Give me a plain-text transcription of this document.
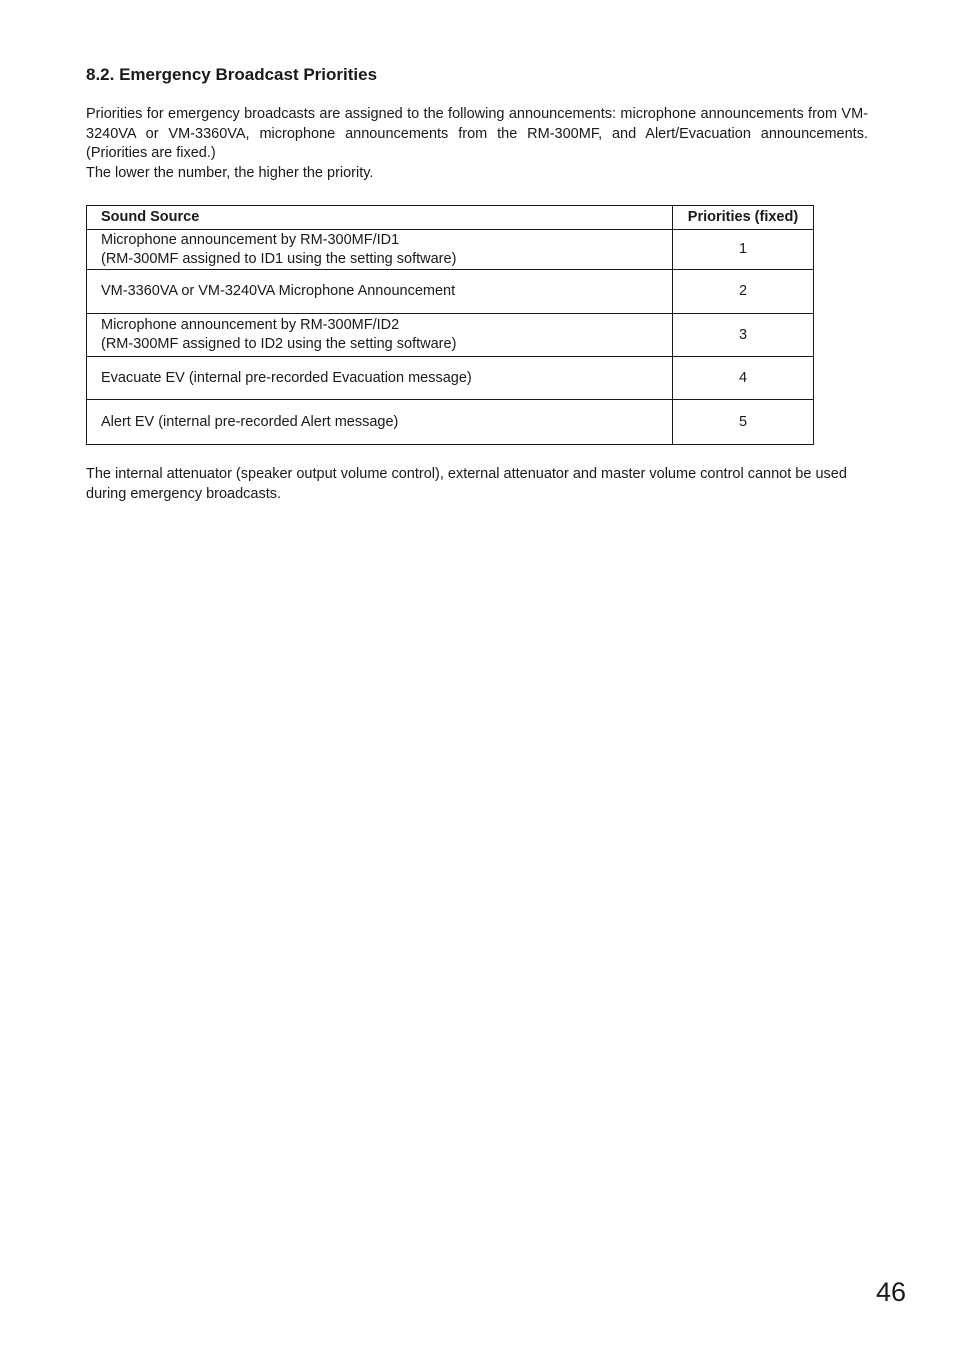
8.2. Emergency Broadcast Priorities

Priorities for emergency broadcasts are assigned to the following announcements: microphone announcements from VM-3240VA or VM-3360VA, microphone announcements from the RM-300MF, and Alert/Evacuation announcements. (Priorities are fixed.)

The lower the number, the higher the priority.

Sound Source	Priorities (fixed)

Microphone announcement by RM-300MF/ID1
(RM-300MF assigned to ID1 using the setting software)	1

VM-3360VA or VM-3240VA Microphone Announcement	2

Microphone announcement by RM-300MF/ID2
(RM-300MF assigned to ID2 using the setting software)	3

Evacuate EV (internal pre-recorded Evacuation message)	4

Alert EV (internal pre-recorded Alert message)	5

The internal attenuator (speaker output volume control), external attenuator and master volume control cannot be used during emergency broadcasts.

46
